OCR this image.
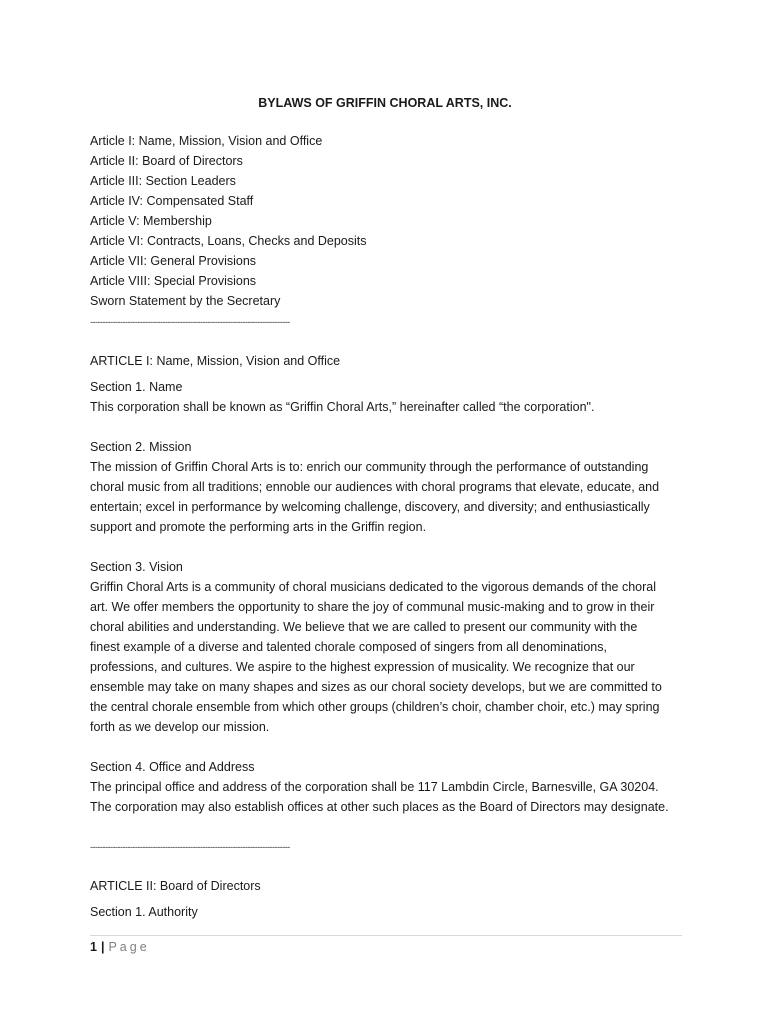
BYLAWS OF GRIFFIN CHORAL ARTS, INC.
Article I: Name, Mission, Vision and Office
Article II: Board of Directors
Article III: Section Leaders
Article IV: Compensated Staff
Article V: Membership
Article VI: Contracts, Loans, Checks and Deposits
Article VII: General Provisions
Article VIII: Special Provisions
Sworn Statement by the Secretary
--------------------------------------------------------------------------------
ARTICLE I: Name, Mission, Vision and Office
Section 1. Name
This corporation shall be known as “Griffin Choral Arts,” hereinafter called “the corporation".
Section 2. Mission
The mission of Griffin Choral Arts is to: enrich our community through the performance of outstanding
choral music from all traditions; ennoble our audiences with choral programs that elevate, educate, and
entertain; excel in performance by welcoming challenge, discovery, and diversity; and enthusiastically
support and promote the performing arts in the Griffin region.
Section 3. Vision
Griffin Choral Arts is a community of choral musicians dedicated to the vigorous demands of the choral
art. We offer members the opportunity to share the joy of communal music-making and to grow in their
choral abilities and understanding. We believe that we are called to present our community with the
finest example of a diverse and talented chorale composed of singers from all denominations,
professions, and cultures. We aspire to the highest expression of musicality. We recognize that our
ensemble may take on many shapes and sizes as our choral society develops, but we are committed to
the central chorale ensemble from which other groups (children’s choir, chamber choir, etc.) may spring
forth as we develop our mission.
Section 4. Office and Address
The principal office and address of the corporation shall be 117 Lambdin Circle, Barnesville, GA 30204.
The corporation may also establish offices at other such places as the Board of Directors may designate.
--------------------------------------------------------------------------------
ARTICLE II: Board of Directors
Section 1. Authority
1 | Page
